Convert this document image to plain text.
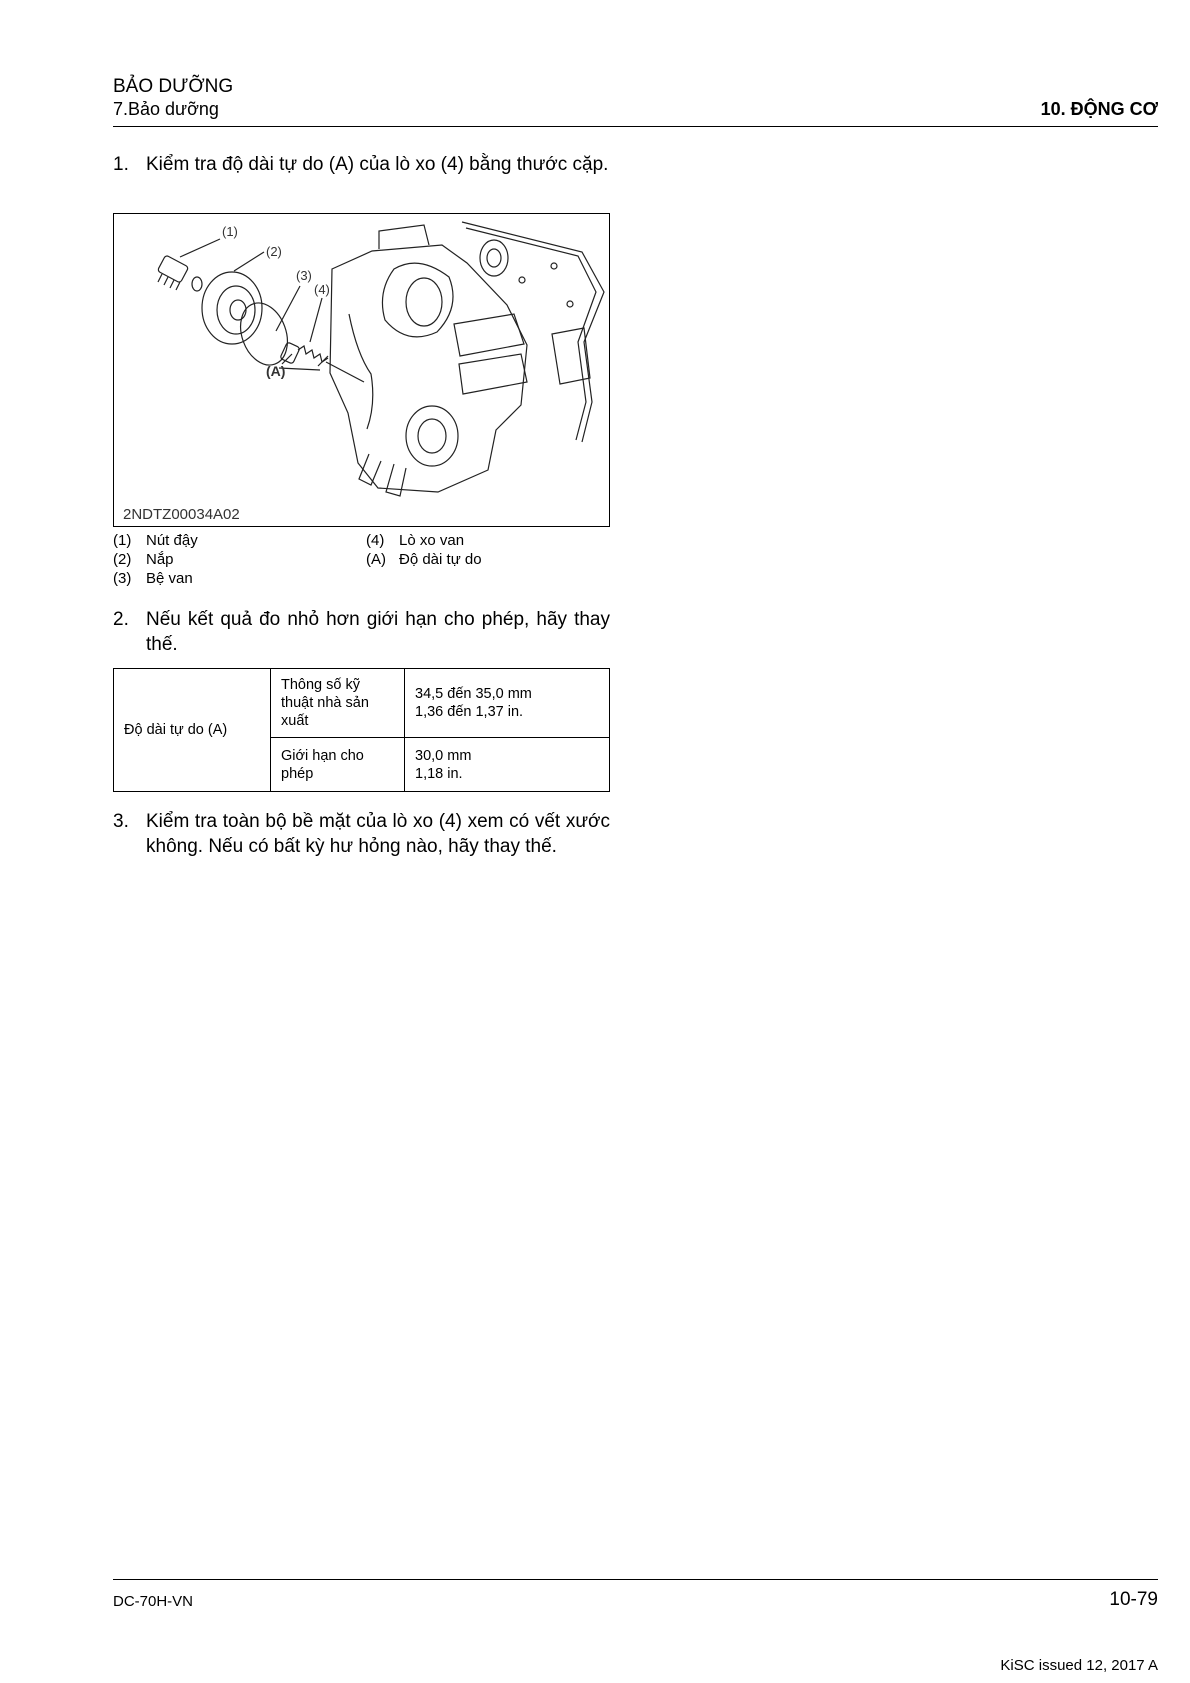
BẢO DƯỠNG
7.Bảo dưỡng	10. ĐỘNG CƠ
1. Kiểm tra độ dài tự do (A) của lò xo (4) bằng thước cặp.
(1)
(2)
(3)
(4)
(A)
2NDTZ00034A02
(1) Nút đậy
(2) Nắp
(3) Bệ van
(4) Lò xo van
(A) Độ dài tự do
2. Nếu kết quả đo nhỏ hơn giới hạn cho phép, hãy thay thế.
Độ dài tự do (A)	Thông số kỹ thuật nhà sản xuất	34,5 đến 35,0 mm
1,36 đến 1,37 in.

	Giới hạn cho phép	30,0 mm
1,18 in.
3. Kiểm tra toàn bộ bề mặt của lò xo (4) xem có vết xước không. Nếu có bất kỳ hư hỏng nào, hãy thay thế.
DC-70H-VN	10-79
KiSC issued 12, 2017 A
